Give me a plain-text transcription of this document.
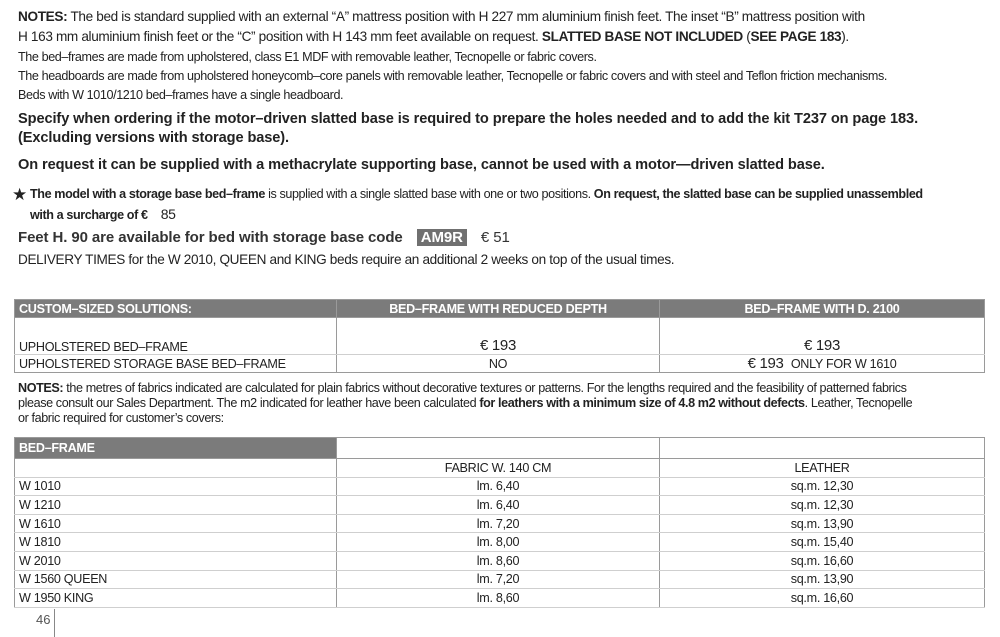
NOTES: The bed is standard supplied with an external “A” mattress position with H 227 mm aluminium finish feet. The inset “B” mattress position with
H 163 mm aluminium finish feet or the “C” position with H 143 mm feet available on request. SLATTED BASE NOT INCLUDED (SEE PAGE 183).
The bed–frames are made from upholstered, class E1 MDF with removable leather, Tecnopelle or fabric covers.
The headboards are made from upholstered honeycomb–core panels with removable leather, Tecnopelle or fabric covers and with steel and Teflon friction mechanisms.
Beds with W 1010/1210 bed–frames have a single headboard.
Specify when ordering if the motor–driven slatted base is required to prepare the holes needed and to add the kit T237 on page 183.
(Excluding versions with storage base).
On request it can be supplied with a methacrylate supporting base, cannot be used with a motor—driven slatted base.
★ The model with a storage base bed–frame is supplied with a single slatted base with one or two positions. On request, the slatted base can be supplied unassembled
with a surcharge of € 85
Feet H. 90 are available for bed with storage base code AM9R € 51
DELIVERY TIMES for the W 2010, QUEEN and KING beds require an additional 2 weeks on top of the usual times.
CUSTOM–SIZED SOLUTIONS:	BED–FRAME WITH REDUCED DEPTH	BED–FRAME WITH D. 2100
UPHOLSTERED BED–FRAME	€ 193	€ 193
UPHOLSTERED STORAGE BASE BED–FRAME	NO	€ 193 ONLY FOR W 1610
NOTES: the metres of fabrics indicated are calculated for plain fabrics without decorative textures or patterns. For the lengths required and the feasibility of patterned fabrics
please consult our Sales Department. The m2 indicated for leather have been calculated for leathers with a minimum size of 4.8 m2 without defects. Leather, Tecnopelle
or fabric required for customer’s covers:
BED–FRAME		
	FABRIC W. 140 CM	LEATHER
W 1010	lm. 6,40	sq.m. 12,30
W 1210	lm. 6,40	sq.m. 12,30
W 1610	lm. 7,20	sq.m. 13,90
W 1810	lm. 8,00	sq.m. 15,40
W 2010	lm. 8,60	sq.m. 16,60
W 1560 QUEEN	lm. 7,20	sq.m. 13,90
W 1950 KING	lm. 8,60	sq.m. 16,60
46
